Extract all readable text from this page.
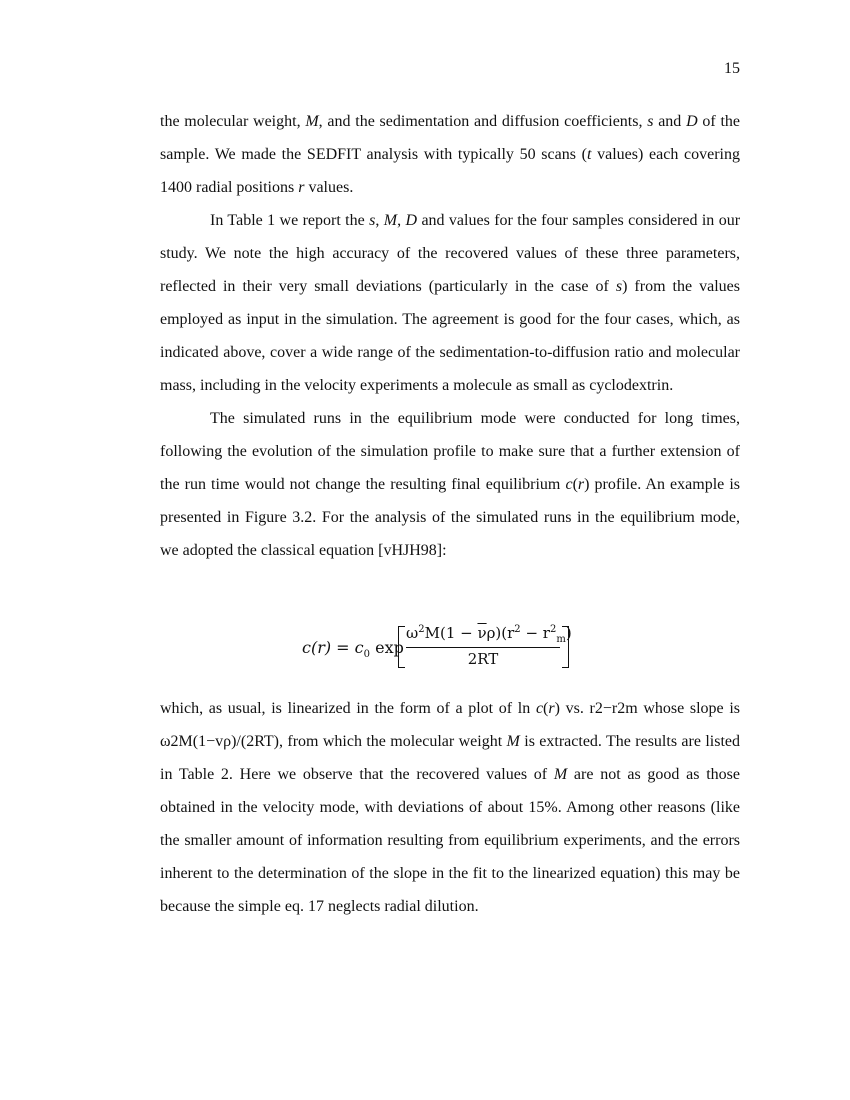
15

the molecular weight, M, and the sedimentation and diffusion coefficients, s and D of the sample. We made the SEDFIT analysis with typically 50 scans (t values) each covering 1400 radial positions r values.

In Table 1 we report the s, M, D and values for the four samples considered in our study. We note the high accuracy of the recovered values of these three parameters, reflected in their very small deviations (particularly in the case of s) from the values employed as input in the simulation. The agreement is good for the four cases, which, as indicated above, cover a wide range of the sedimentation-to-diffusion ratio and molecular mass, including in the velocity experiments a molecule as small as cyclodextrin.

The simulated runs in the equilibrium mode were conducted for long times, following the evolution of the simulation profile to make sure that a further extension of the run time would not change the resulting final equilibrium c(r) profile. An example is presented in Figure 3.2. For the analysis of the simulated runs in the equilibrium mode, we adopted the classical equation [vHJH98]:

$c(r) = c_0$ exp
$\omega^2M(1 - \overline{\nu}\rho)(r^2 - r^2_m)$
2RT

which, as usual, is linearized in the form of a plot of ln c(r) vs. r2−r2m whose slope is ω2M(1−vρ)/(2RT), from which the molecular weight M is extracted. The results are listed in Table 2. Here we observe that the recovered values of M are not as good as those obtained in the velocity mode, with deviations of about 15%. Among other reasons (like the smaller amount of information resulting from equilibrium experiments, and the errors inherent to the determination of the slope in the fit to the linearized equation) this may be because the simple eq. 17 neglects radial dilution.
